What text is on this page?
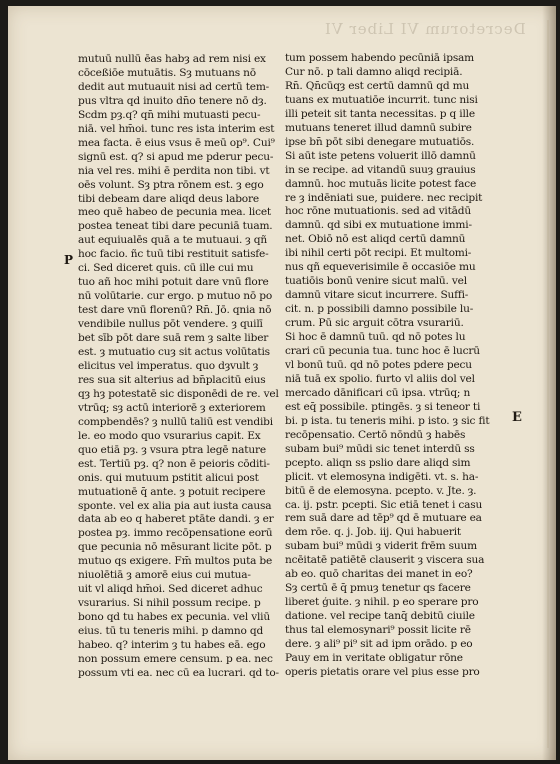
Decretorum VI Liber VI
mutuū nullū ēas habȝ ad rem nisi ex
cōceßiōe mutuātis. Sȝ mutuans nō
dedit aut mutuauit nisi ad certū tem-
pus vltra qd inuito dn̄o tenere nō dȝ.
Scd̄m pȝ.q? qn̄ mihi mutuasti pecu-
niā. vel hm̄oi. tunc res ista interim est
mea facta. ē eius vsus ē meū op⁹. Cui⁹
signū est. q? si apud me pderur pecu-
nia vel res. mihi ē perdita non tibi. vt
oēs volunt. Sȝ ptra rōnem est. ȝ ego
tibi debeam dare aliqd deus labore
meo quē habeo de pecunia mea. licet
postea teneat tibi dare pecuniā tuam.
aut equiualēs quā a te mutuaui. ȝ qñ
hoc facio. ñc tuū tibi restituit satisfe-
ci. Sed diceret quis. cū ille cui mu
tuo añ hoc mihi potuit dare vnū flore
nū volūtarie. cur ergo. p mutuo nō po
test dare vnū florenū? Rn̄. Jō. qnia nō
vendibile nullus pōt vendere. ȝ quilī
bet sīb pōt dare suā rem ȝ salte liber
est. ȝ mutuatio cuȝ sit actus volūtatis
elicitus vel imperatus. quo dȝvult ȝ
res sua sit alterius ad bn̄placitū eius
qȝ hȝ potestatē sic disponēdi de re. vel
vtrūq; sȝ actū interiorē ȝ exteriorem
compbendēs? ȝ nullū taliū est vendibi
le. eo modo quo vsurarius capit. Ex
quo etiā pȝ. ȝ vsura ptra legē nature
est. Tertiū pȝ. q? non ē peioris cōditi-
onis. qui mutuum pstitit alicui post
mutuationē q̄ ante. ȝ potuit recipere
sponte. vel ex alia pia aut iusta causa
data ab eo q haberet ptāte dandi. ȝ er
postea pȝ. immo recōpensatione eorū
que pecunia nō mēsurant licite pōt. p
mutuo qs exigere. Fm̄ multos puta be
niuolētiā ȝ amorē eius cui mutua-
uit vl aliqd hm̄oi. Sed diceret adhuc
vsurarius. Si nihil possum recipe. p
bono qd tu habes ex pecunia. vel vliū
eius. tū tu teneris mihi. p damno qd
habeo. q? interim ȝ tu habes eā. ego
non possum emere censum. p ea. nec
possum vti ea. nec cū ea lucrari. qd to-
tum possem habendo pecūniā ipsam
Cur nō. p tali damno aliqd recipiā.
Rn̄. Qn̄cūqȝ est certū damnū qd mu
tuans ex mutuatiōe incurrit. tunc nisi
illi peteit sit tanta necessitas. p q ille
mutuans teneret illud damnū subire
ipse bn̄ pōt sibi denegare mutuatiōs.
Si aūt iste petens voluerit illō damnū
in se recipe. ad vitandū suuȝ grauius
damnū. hoc mutuās licite potest face
re ȝ indēniati sue, puidere. nec recipit
hoc rōne mutuationis. sed ad vitādū
damnū. qd sibi ex mutuatione immi-
net. Obiō nō est aliqd certū damnū
ibi nihil certi pōt recipi. Et multomi-
nus qñ equeverisimile ē occasiōe mu
tuatiōis bonū venire sicut malū. vel
damnū vitare sicut incurrere. Suffi-
cit. n. p possibili damno possibile lu-
crum. Pū sic arguit cōtra vsurariū.
Si hoc ē damnū tuū. qd nō potes lu
crari cū pecunia tua. tunc hoc ē lucrū
vl bonū tuū. qd nō potes pdere pecu
niā tuā ex spolio. furto vl aliis dol vel
mercado dānificari cū ipsa. vtrūq; n
est eq̄ possibile. ptingēs. ȝ si teneor ti
bi. p ista. tu teneris mihi. p isto. ȝ sic fit
recōpensatio. Certō nōndū ȝ habēs
subam bui⁹ mūdi sic tenet interdū ss
pcepto. aliqn ss pslio dare aliqd sim
plicit. vt elemosyna indigēti. vt. s. ha-
bitū ē de elemosyna. pcepto. v. Jte. ȝ.
ca. ij. pstr. pcepti. Sic etiā tenet i casu
rem suā dare ad tēp⁹ qd ē mutuare ea
dem rōe. q. j. Job. iij. Qui habuerit
subam bui⁹ mūdi ȝ viderit frēm suum
ncēitatē patiētē clauserit ȝ viscera sua
ab eo. quō charitas dei manet in eo?
Sȝ certū ē q̄ pmuȝ tenetur qs facere
liberet ģuite. ȝ nihil. p eo sperare pro
datione. vel recipe tanq̄ debitū ciuile
thus tal elemosynari⁹ possit licite rē
dere. ȝ ali⁹ pi⁹ sit ad ipm orādo. p eo
Pauy em in veritate obligatur rōne
operis pietatis orare vel pius esse pro
P
E
